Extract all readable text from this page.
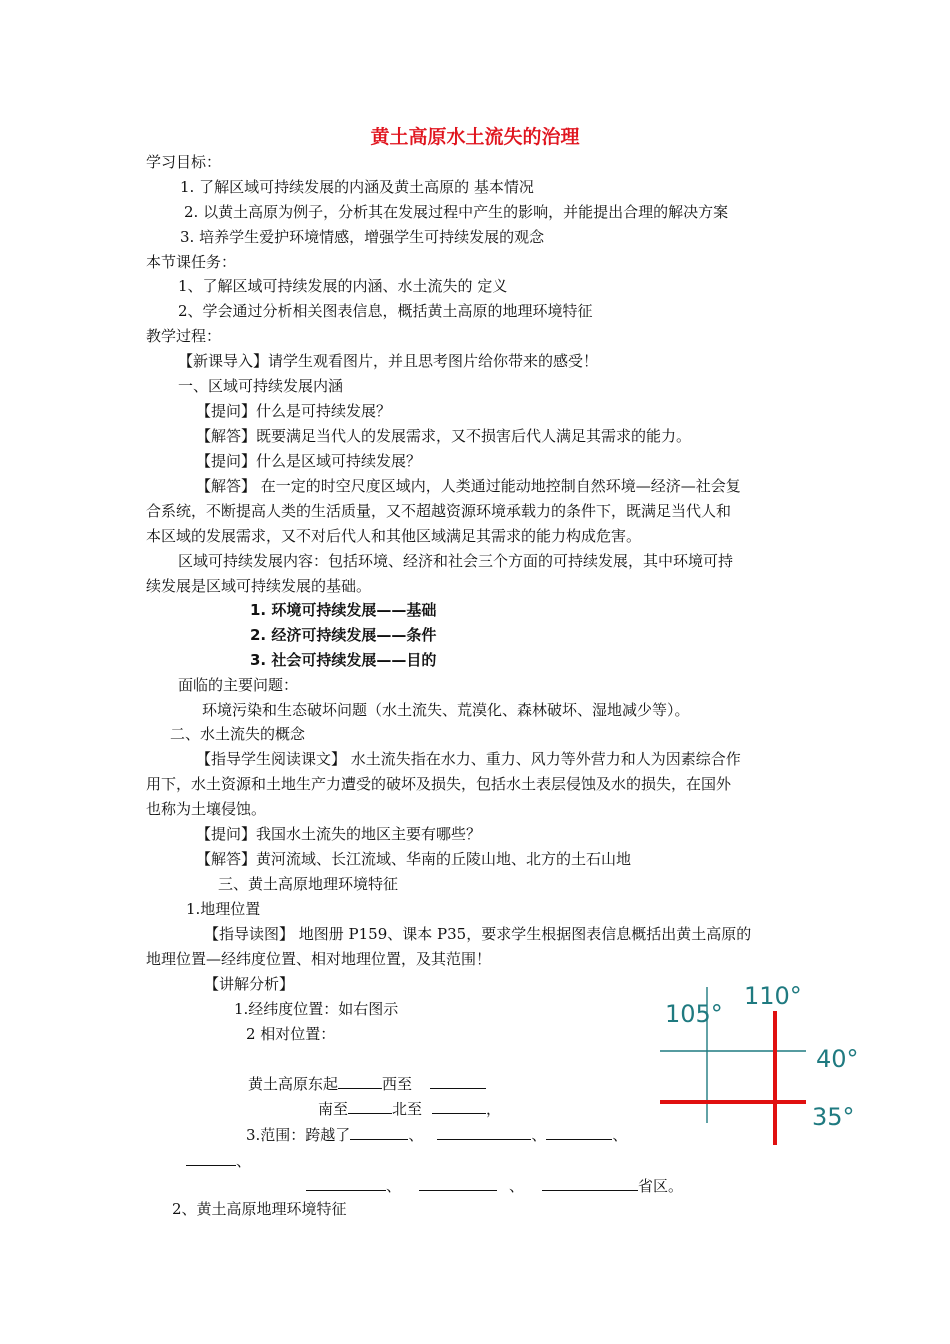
黄土高原水土流失的治理
学习目标：
1. 了解区域可持续发展的内涵及黄土高原的 基本情况
2. 以黄土高原为例子，分析其在发展过程中产生的影响，并能提出合理的解决方案
3. 培养学生爱护环境情感，增强学生可持续发展的观念
本节课任务：
1、了解区域可持续发展的内涵、水土流失的 定义
2、学会通过分析相关图表信息，概括黄土高原的地理环境特征
教学过程：
【新课导入】请学生观看图片，并且思考图片给你带来的感受！
一、区域可持续发展内涵
【提问】什么是可持续发展？
【解答】既要满足当代人的发展需求，又不损害后代人满足其需求的能力。
【提问】什么是区域可持续发展？
【解答】 在一定的时空尺度区域内，人类通过能动地控制自然环境—经济—社会复
合系统，不断提高人类的生活质量，又不超越资源环境承载力的条件下，既满足当代人和
本区域的发展需求，又不对后代人和其他区域满足其需求的能力构成危害。
区域可持续发展内容：包括环境、经济和社会三个方面的可持续发展，其中环境可持
续发展是区域可持续发展的基础。
1. 环境可持续发展——基础
2. 经济可持续发展——条件
3. 社会可持续发展——目的
面临的主要问题：
环境污染和生态破坏问题（水土流失、荒漠化、森林破坏、湿地减少等）。
二、水土流失的概念
【指导学生阅读课文】 水土流失指在水力、重力、风力等外营力和人为因素综合作
用下，水土资源和土地生产力遭受的破坏及损失，包括水土表层侵蚀及水的损失，在国外
也称为土壤侵蚀。
【提问】我国水土流失的地区主要有哪些？
【解答】黄河流域、长江流域、华南的丘陵山地、北方的土石山地
三、黄土高原地理环境特征
1.地理位置
【指导读图】 地图册 P159、课本 P35，要求学生根据图表信息概括出黄土高原的
地理位置—经纬度位置、相对地理位置，及其范围！
【讲解分析】
1.经纬度位置：如右图示
2 相对位置：
黄土高原东起	西至
南至	北至	，
3.范围：跨越了	、	、	、
、
、	、	省区。
2、黄土高原地理环境特征
105°
110°
40°
35°
